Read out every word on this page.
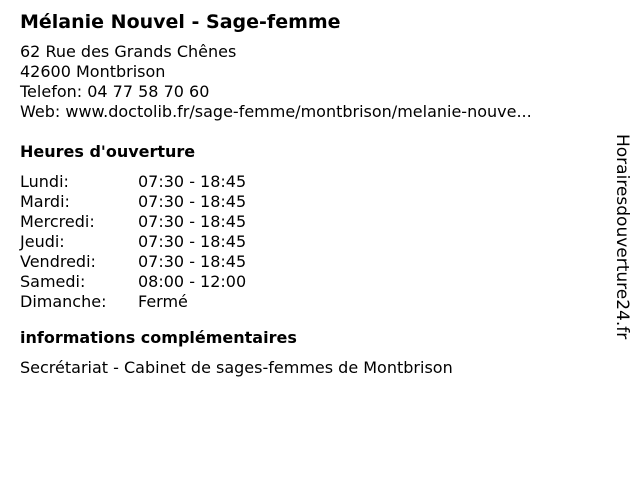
Mélanie Nouvel - Sage-femme
62 Rue des Grands Chênes
42600 Montbrison
Telefon: 04 77 58 70 60
Web: www.doctolib.fr/sage-femme/montbrison/melanie-nouve...
Heures d'ouverture
Lundi:	07:30 - 18:45
Mardi:	07:30 - 18:45
Mercredi:	07:30 - 18:45
Jeudi:	07:30 - 18:45
Vendredi:	07:30 - 18:45
Samedi:	08:00 - 12:00
Dimanche:	Fermé
informations complémentaires
Secrétariat - Cabinet de sages-femmes de Montbrison
Horairesdouverture24.fr
